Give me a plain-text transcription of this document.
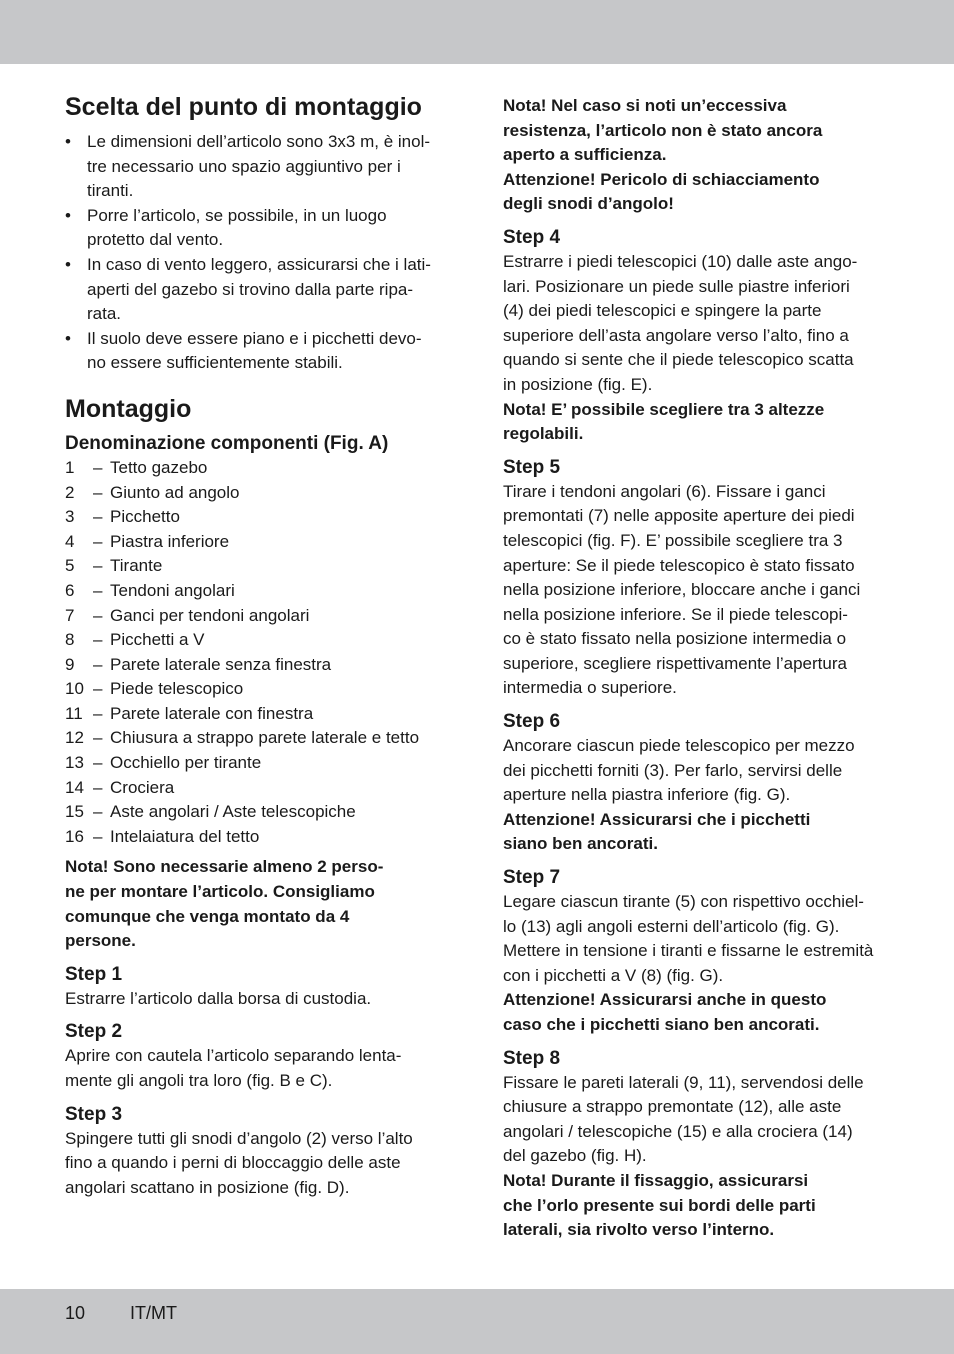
Scelta del punto di montaggio
• Le dimensioni dell’articolo sono 3x3 m, è inol-
tre necessario uno spazio aggiuntivo per i
tiranti.
• Porre l’articolo, se possibile, in un luogo
protetto dal vento.
• In caso di vento leggero, assicurarsi che i lati-
aperti del gazebo si trovino dalla parte ripa-
rata.
• Il suolo deve essere piano e i picchetti devo-
no essere sufficientemente stabili.
Montaggio
Denominazione componenti (Fig. A)
1	– Tetto gazebo
2	– Giunto ad angolo
3	– Picchetto
4	– Piastra inferiore
5	– Tirante
6	– Tendoni angolari
7	– Ganci per tendoni angolari
8	– Picchetti a V
9	– Parete laterale senza finestra
10 – Piede telescopico
11 – Parete laterale con finestra
12 – Chiusura a strappo parete laterale e tetto
13 – Occhiello per tirante
14 – Crociera
15 – Aste angolari / Aste telescopiche
16 – Intelaiatura del tetto

Nota! Sono necessarie almeno 2 perso-
ne per montare l’articolo. Consigliamo
comunque che venga montato da 4
persone.

Step 1

Estrarre l’articolo dalla borsa di custodia.

Step 2

Aprire con cautela l’articolo separando lenta-
mente gli angoli tra loro (fig. B e C).

Step 3

Spingere tutti gli snodi d’angolo (2) verso l’alto
fino a quando i perni di bloccaggio delle aste
angolari scattano in posizione (fig. D).

Nota! Nel caso si noti un’eccessiva
resistenza, l’articolo non è stato ancora
aperto a sufficienza.
Attenzione! Pericolo di schiacciamento
degli snodi d’angolo!

Step 4

Estrarre i piedi telescopici (10) dalle aste ango-
lari. Posizionare un piede sulle piastre inferiori
(4) dei piedi telescopici e spingere la parte
superiore dell’asta angolare verso l’alto, fino a
quando si sente che il piede telescopico scatta
in posizione (fig. E).

Nota! E’ possibile scegliere tra 3 altezze
regolabili.

Step 5

Tirare i tendoni angolari (6). Fissare i ganci
premontati (7) nelle apposite aperture dei piedi
telescopici (fig. F). E’ possibile scegliere tra 3
aperture: Se il piede telescopico è stato fissato
nella posizione inferiore, bloccare anche i ganci
nella posizione inferiore. Se il piede telescopi-
co è stato fissato nella posizione intermedia o
superiore, scegliere rispettivamente l’apertura
intermedia o superiore.

Step 6

Ancorare ciascun piede telescopico per mezzo
dei picchetti forniti (3). Per farlo, servirsi delle
aperture nella piastra inferiore (fig. G).

Attenzione! Assicurarsi che i picchetti
siano ben ancorati.

Step 7

Legare ciascun tirante (5) con rispettivo occhiel-
lo (13) agli angoli esterni dell’articolo (fig. G).
Mettere in tensione i tiranti e fissarne le estremità
con i picchetti a V (8) (fig. G).

Attenzione! Assicurarsi anche in questo
caso che i picchetti siano ben ancorati.

Step 8

Fissare le pareti laterali (9, 11), servendosi delle
chiusure a strappo premontate (12), alle aste
angolari / telescopiche (15) e alla crociera (14)
del gazebo (fig. H).

Nota! Durante il fissaggio, assicurarsi
che l’orlo presente sui bordi delle parti
laterali, sia rivolto verso l’interno.

10 IT/MT
